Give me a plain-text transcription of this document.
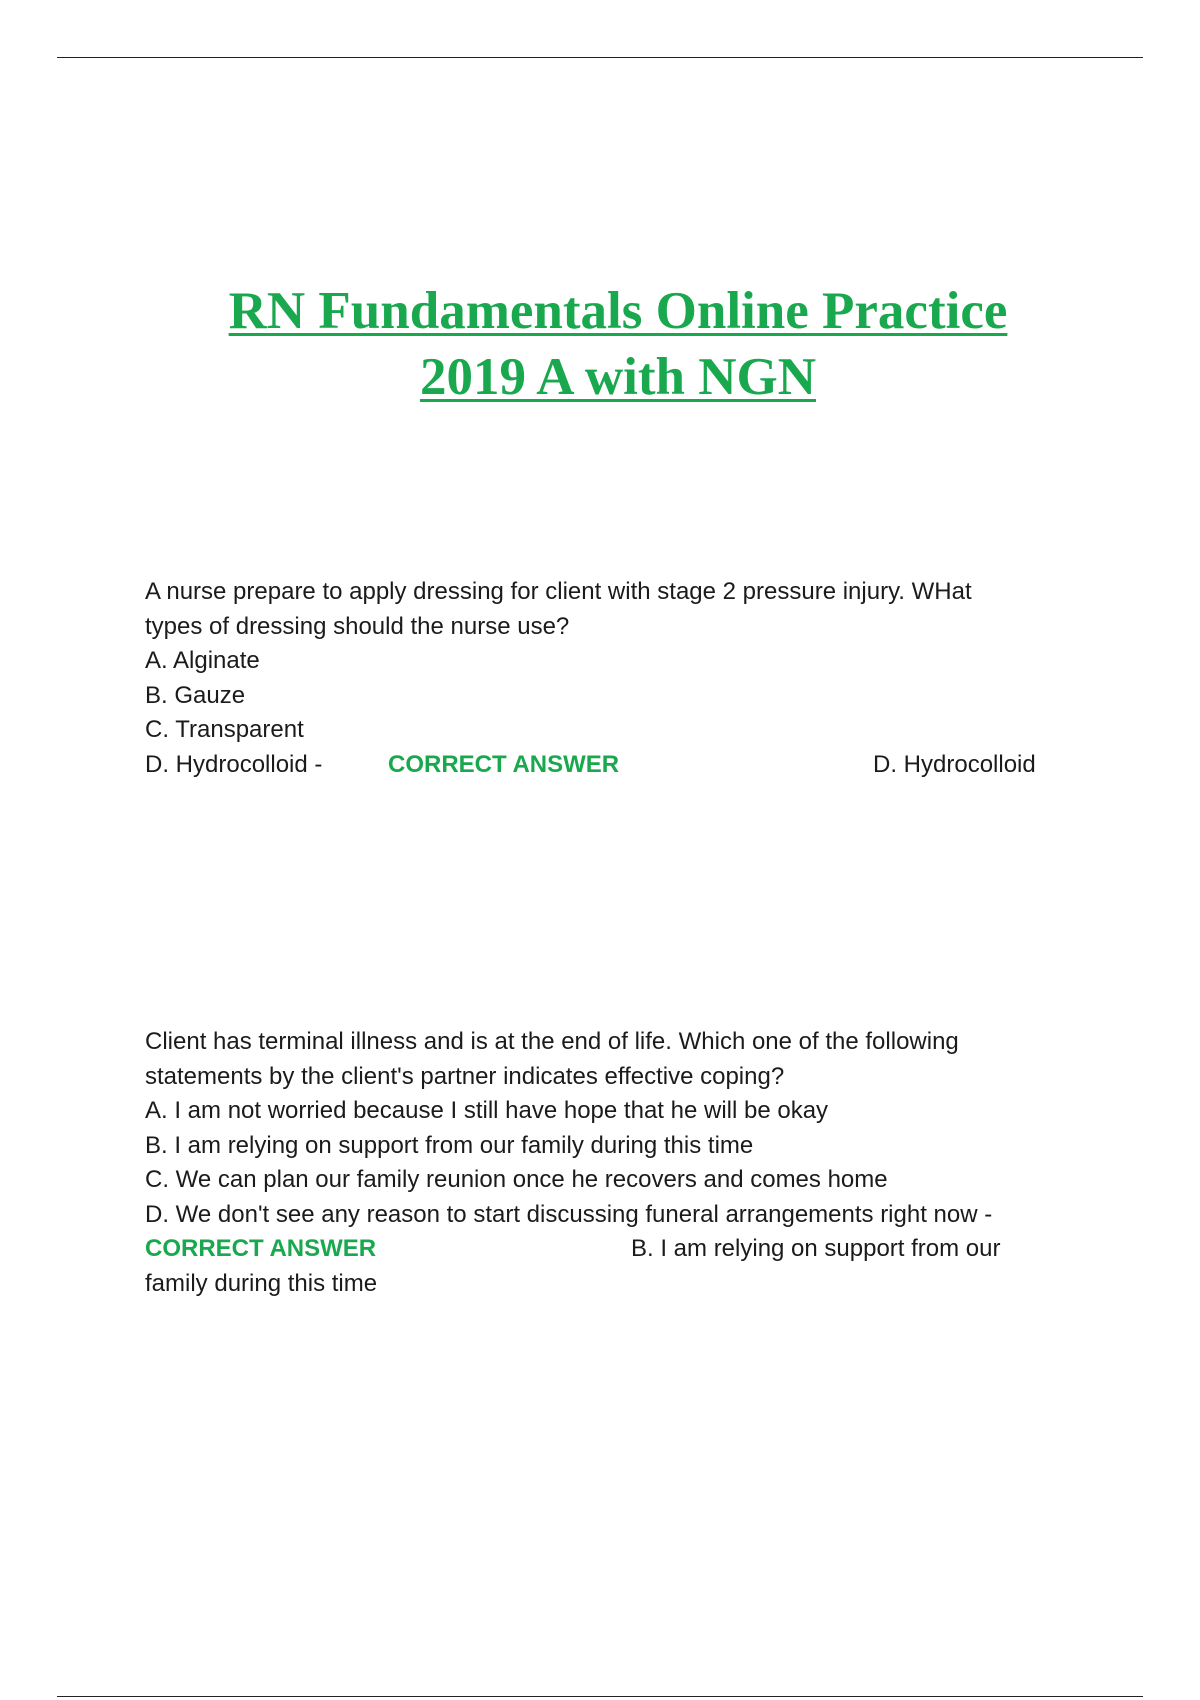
RN Fundamentals Online Practice
2019 A with NGN
A nurse prepare to apply dressing for client with stage 2 pressure injury. WHat
types of dressing should the nurse use?
A. Alginate
B. Gauze
C. Transparent
D. Hydrocolloid -	CORRECT ANSWER	D. Hydrocolloid
Client has terminal illness and is at the end of life. Which one of the following
statements by the client's partner indicates effective coping?
A. I am not worried because I still have hope that he will be okay
B. I am relying on support from our family during this time
C. We can plan our family reunion once he recovers and comes home
D. We don't see any reason to start discussing funeral arrangements right now -
CORRECT ANSWER	B. I am relying on support from our
family during this time
